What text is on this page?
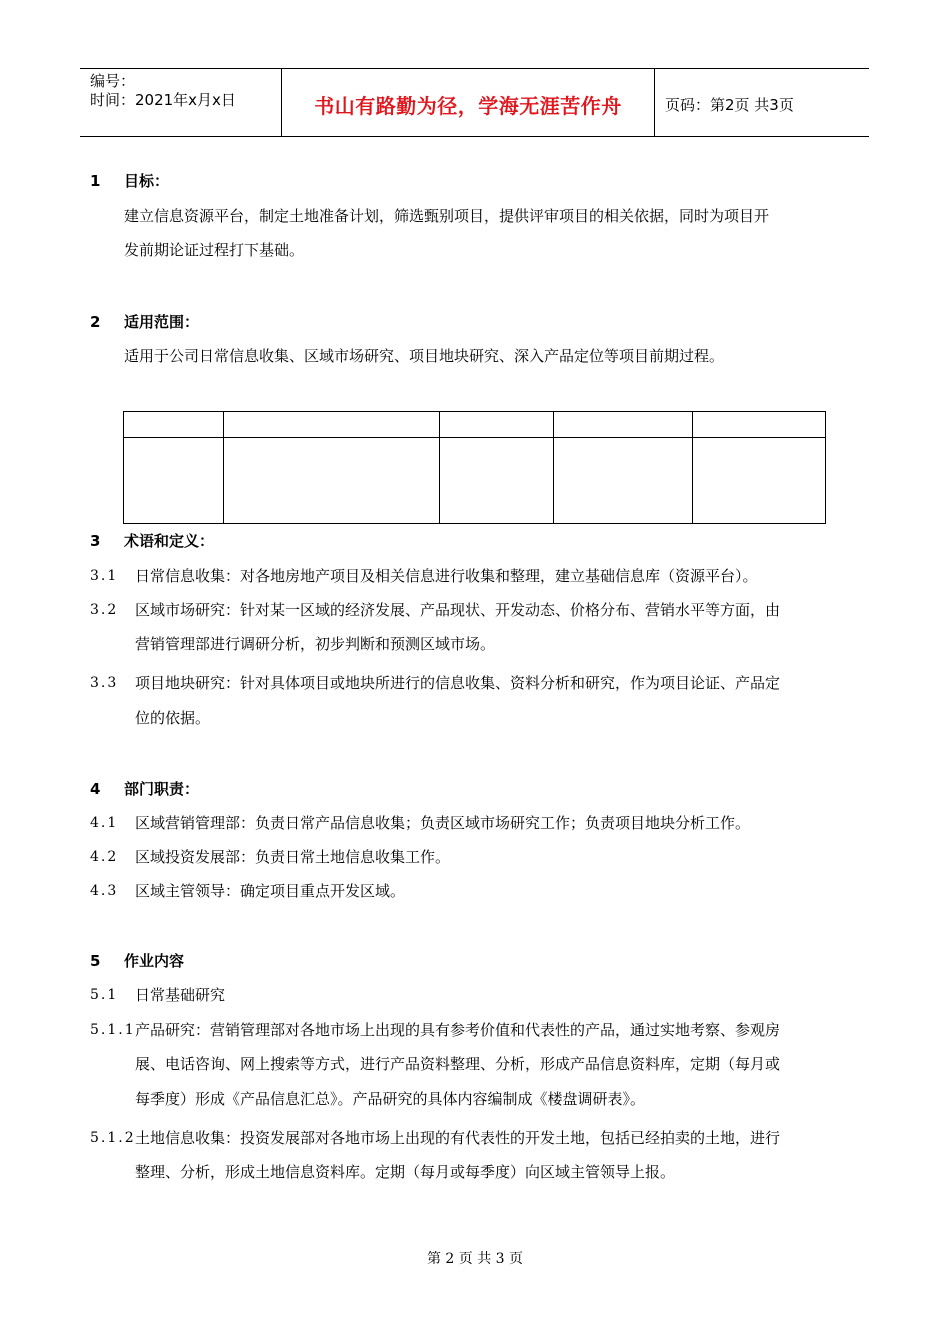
编号：
时间：2021年x月x日	书山有路勤为径，学海无涯苦作舟	页码：第2页 共3页
1 目标：
建立信息资源平台，制定土地准备计划，筛选甄别项目，提供评审项目的相关依据，同时为项目开
发前期论证过程打下基础。
2 适用范围：
适用于公司日常信息收集、区域市场研究、项目地块研究、深入产品定位等项目前期过程。
3 术语和定义：
3.1 日常信息收集：对各地房地产项目及相关信息进行收集和整理，建立基础信息库（资源平台）。
3.2 区域市场研究：针对某一区域的经济发展、产品现状、开发动态、价格分布、营销水平等方面，由
营销管理部进行调研分析，初步判断和预测区域市场。
3.3 项目地块研究：针对具体项目或地块所进行的信息收集、资料分析和研究，作为项目论证、产品定
位的依据。
4 部门职责：
4.1 区域营销管理部：负责日常产品信息收集；负责区域市场研究工作；负责项目地块分析工作。
4.2 区域投资发展部：负责日常土地信息收集工作。
4.3 区域主管领导：确定项目重点开发区域。
5 作业内容
5.1 日常基础研究
5.1.1 产品研究：营销管理部对各地市场上出现的具有参考价值和代表性的产品，通过实地考察、参观房
展、电话咨询、网上搜索等方式，进行产品资料整理、分析，形成产品信息资料库，定期（每月或
每季度）形成《产品信息汇总》。产品研究的具体内容编制成《楼盘调研表》。
5.1.2 土地信息收集：投资发展部对各地市场上出现的有代表性的开发土地，包括已经拍卖的土地，进行
整理、分析，形成土地信息资料库。定期（每月或每季度）向区域主管领导上报。
第 2 页 共 3 页
